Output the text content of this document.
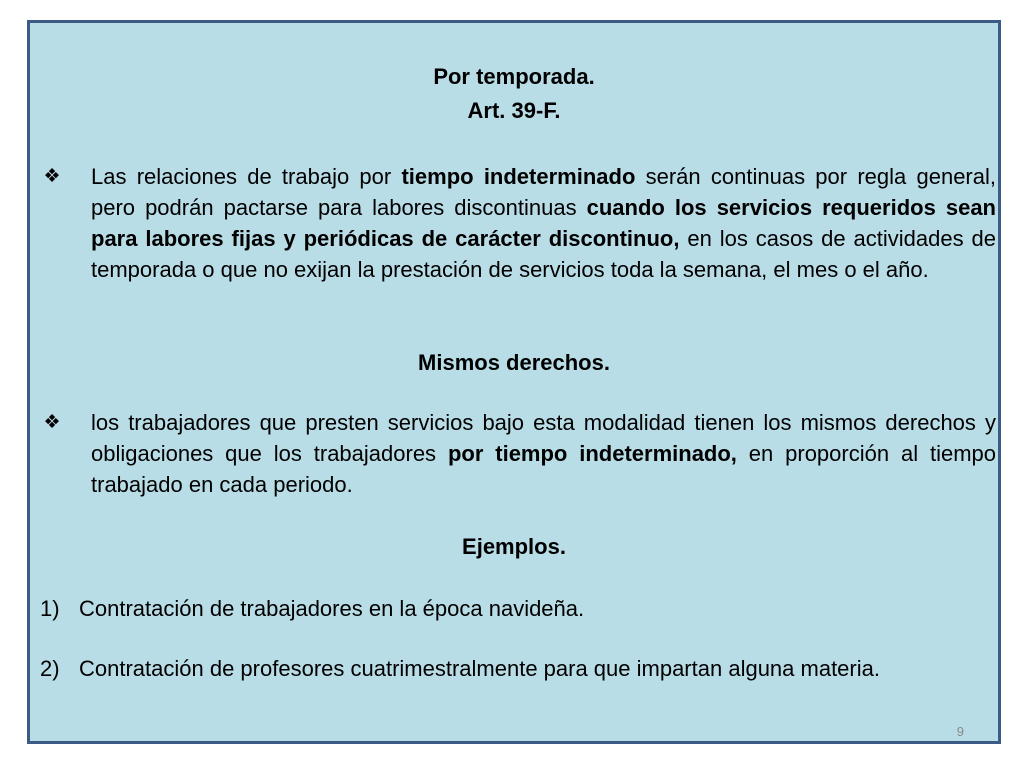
Por temporada.
Art. 39-F.
❖ Las relaciones de trabajo por tiempo indeterminado serán continuas por regla general, pero podrán pactarse para labores discontinuas cuando los servicios requeridos sean para labores fijas y periódicas de carácter discontinuo, en los casos de actividades de temporada o que no exijan la prestación de servicios toda la semana, el mes o el año.
Mismos derechos.
❖ los trabajadores que presten servicios bajo esta modalidad tienen los mismos derechos y obligaciones que los trabajadores por tiempo indeterminado, en proporción al tiempo trabajado en cada periodo.
Ejemplos.
1) Contratación de trabajadores en la época navideña.
2) Contratación de profesores cuatrimestralmente para que impartan alguna materia.
9
